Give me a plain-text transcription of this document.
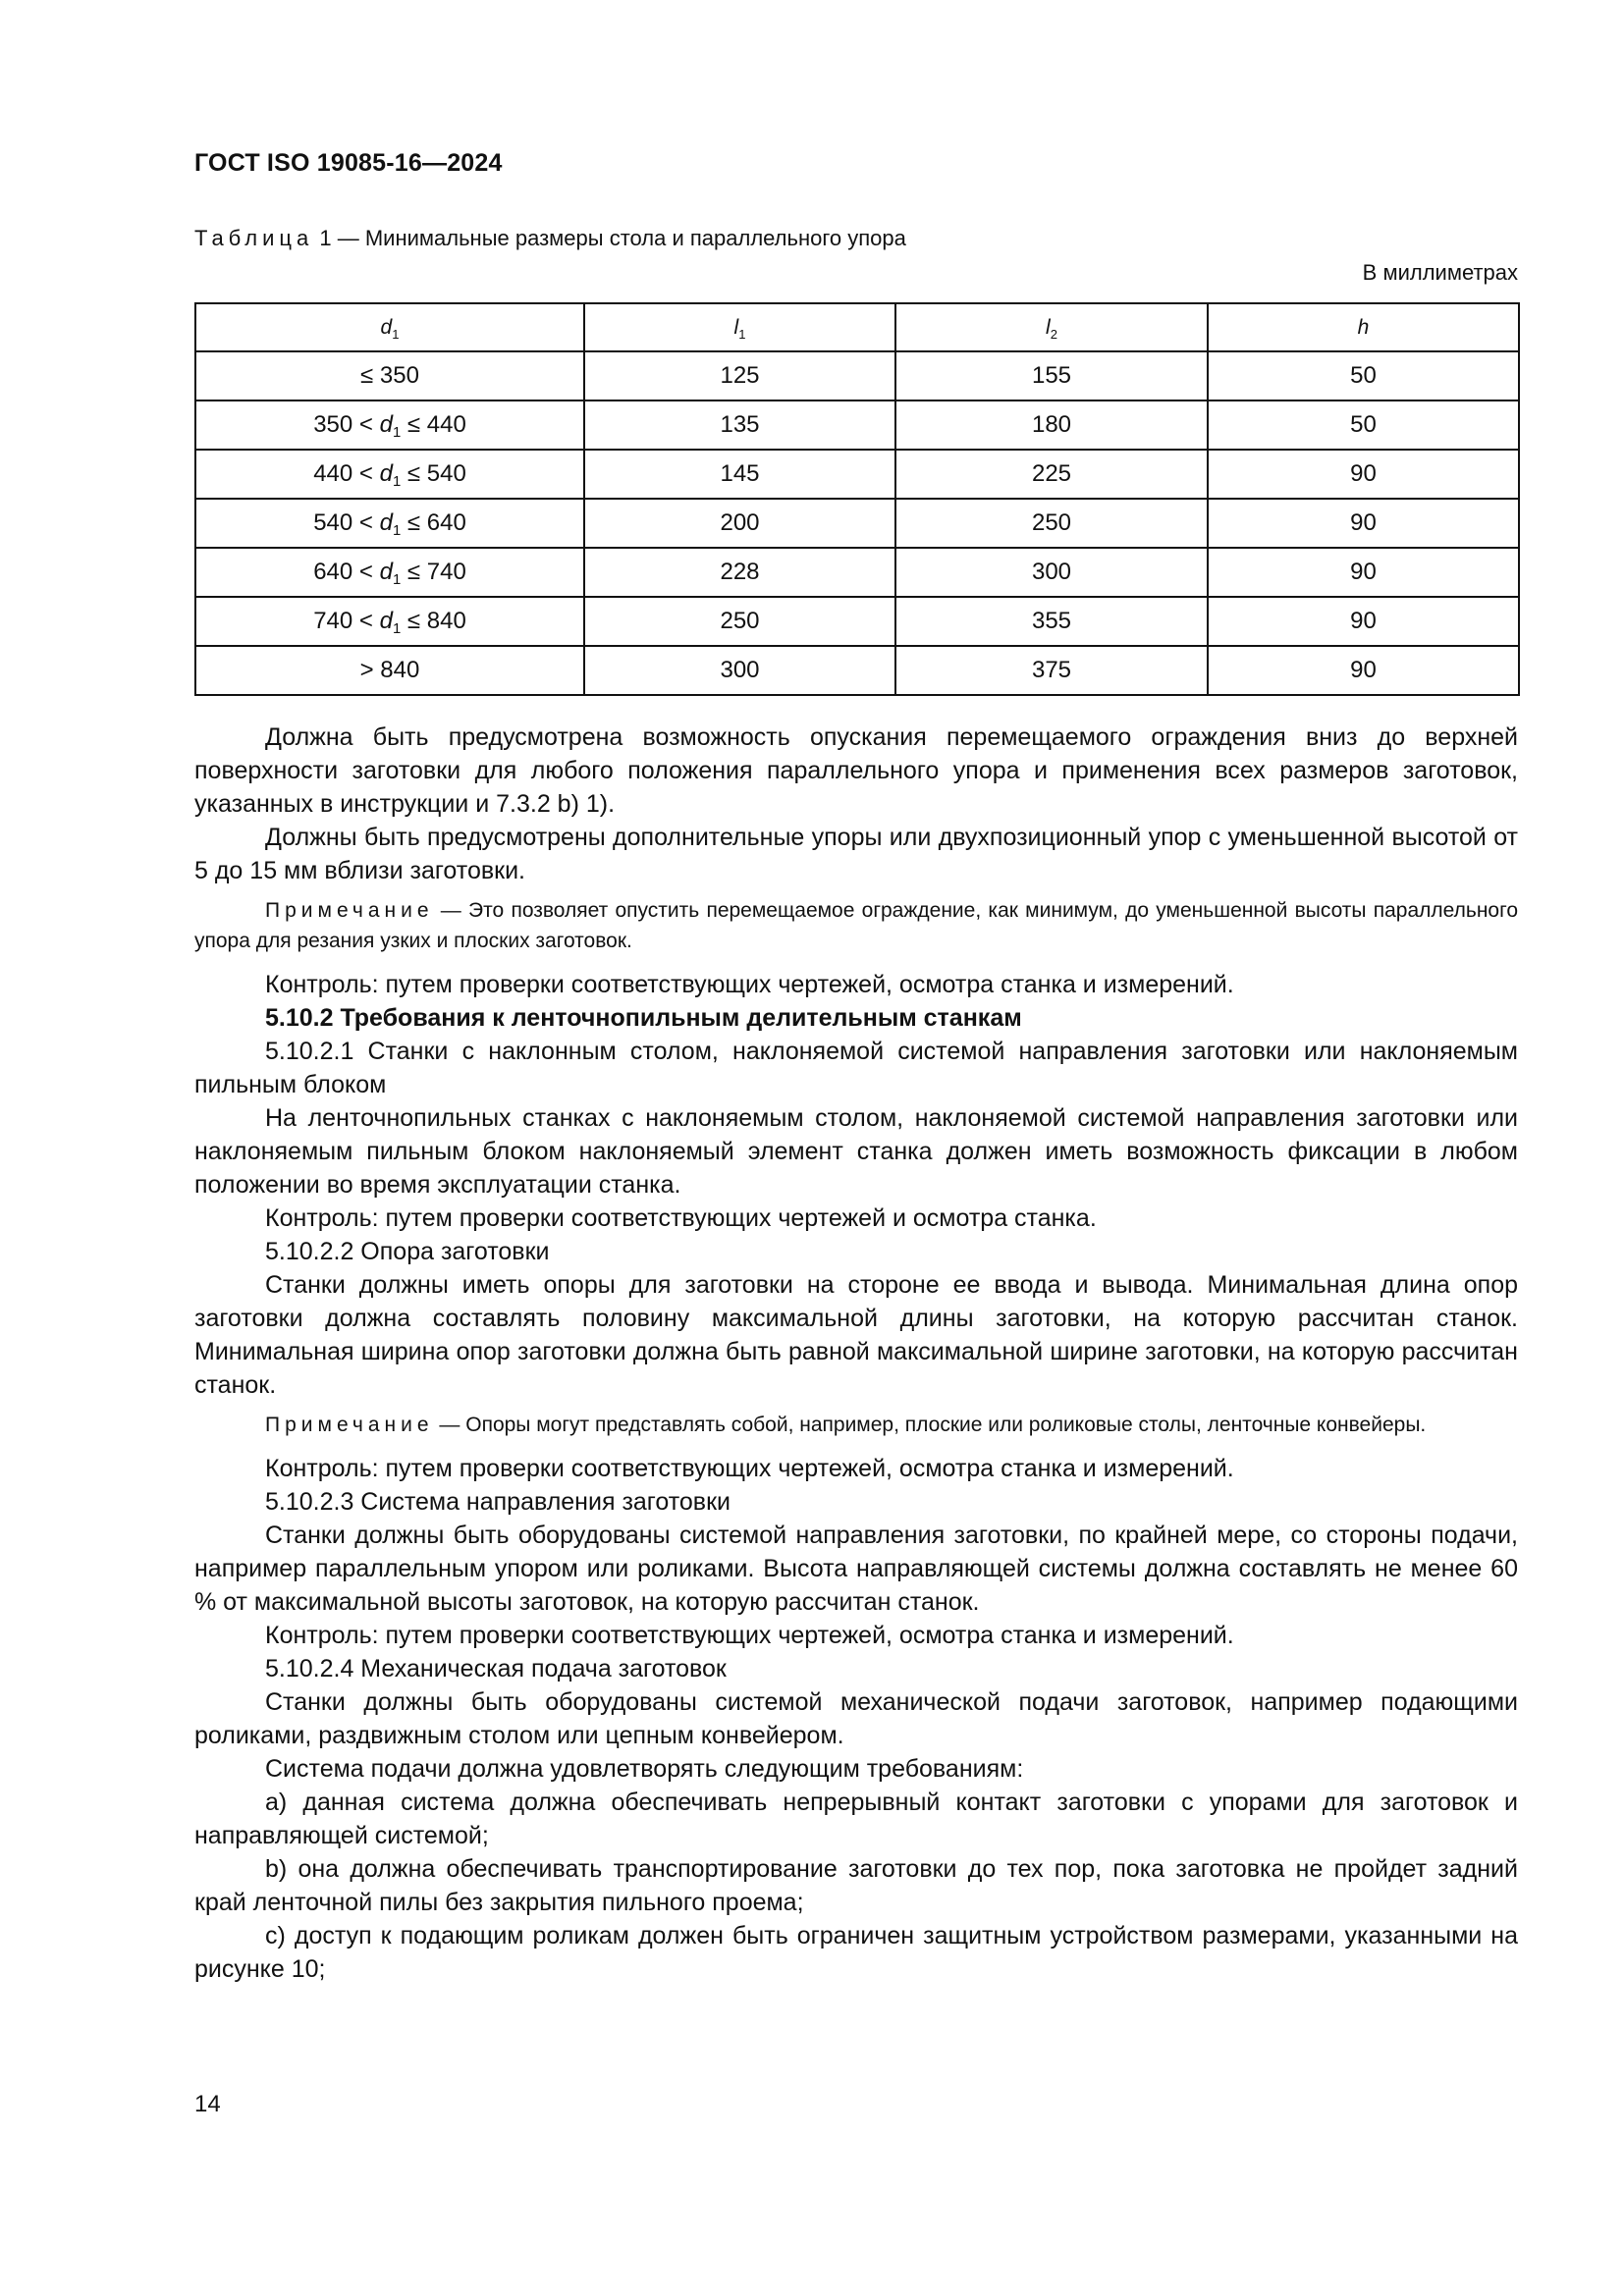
ГОСТ ISO 19085-16—2024
Таблица 1 — Минимальные размеры стола и параллельного упора
В миллиметрах
$d_1$	$l_1$	$l_2$	h
≤ 350	125	155	50
$350 < d_1 \le 440$	135	180	50
$440 < d_1 \le 540$	145	225	90
$540 < d_1 \le 640$	200	250	90
$640 < d_1 \le 740$	228	300	90
$740 < d_1 \le 840$	250	355	90
> 840	300	375	90

Должна быть предусмотрена возможность опускания перемещаемого ограждения вниз до верхней поверхности заготовки для любого положения параллельного упора и применения всех размеров заготовок, указанных в инструкции и 7.3.2 b) 1).

Должны быть предусмотрены дополнительные упоры или двухпозиционный упор с уменьшенной высотой от 5 до 15 мм вблизи заготовки.

Примечание — Это позволяет опустить перемещаемое ограждение, как минимум, до уменьшенной высоты параллельного упора для резания узких и плоских заготовок.

Контроль: путем проверки соответствующих чертежей, осмотра станка и измерений.

5.10.2 Требования к ленточнопильным делительным станкам

5.10.2.1 Станки с наклонным столом, наклоняемой системой направления заготовки или наклоняемым пильным блоком

На ленточнопильных станках с наклоняемым столом, наклоняемой системой направления заготовки или наклоняемым пильным блоком наклоняемый элемент станка должен иметь возможность фиксации в любом положении во время эксплуатации станка.

Контроль: путем проверки соответствующих чертежей и осмотра станка.

5.10.2.2 Опора заготовки

Станки должны иметь опоры для заготовки на стороне ее ввода и вывода. Минимальная длина опор заготовки должна составлять половину максимальной длины заготовки, на которую рассчитан станок. Минимальная ширина опор заготовки должна быть равной максимальной ширине заготовки, на которую рассчитан станок.

Примечание — Опоры могут представлять собой, например, плоские или роликовые столы, ленточные конвейеры.

Контроль: путем проверки соответствующих чертежей, осмотра станка и измерений.

5.10.2.3 Система направления заготовки

Станки должны быть оборудованы системой направления заготовки, по крайней мере, со стороны подачи, например параллельным упором или роликами. Высота направляющей системы должна составлять не менее 60 % от максимальной высоты заготовок, на которую рассчитан станок.

Контроль: путем проверки соответствующих чертежей, осмотра станка и измерений.

5.10.2.4 Механическая подача заготовок

Станки должны быть оборудованы системой механической подачи заготовок, например подающими роликами, раздвижным столом или цепным конвейером.

Система подачи должна удовлетворять следующим требованиям:

a) данная система должна обеспечивать непрерывный контакт заготовки с упорами для заготовок и направляющей системой;

b) она должна обеспечивать транспортирование заготовки до тех пор, пока заготовка не пройдет задний край ленточной пилы без закрытия пильного проема;

c) доступ к подающим роликам должен быть ограничен защитным устройством размерами, указанными на рисунке 10;

14
